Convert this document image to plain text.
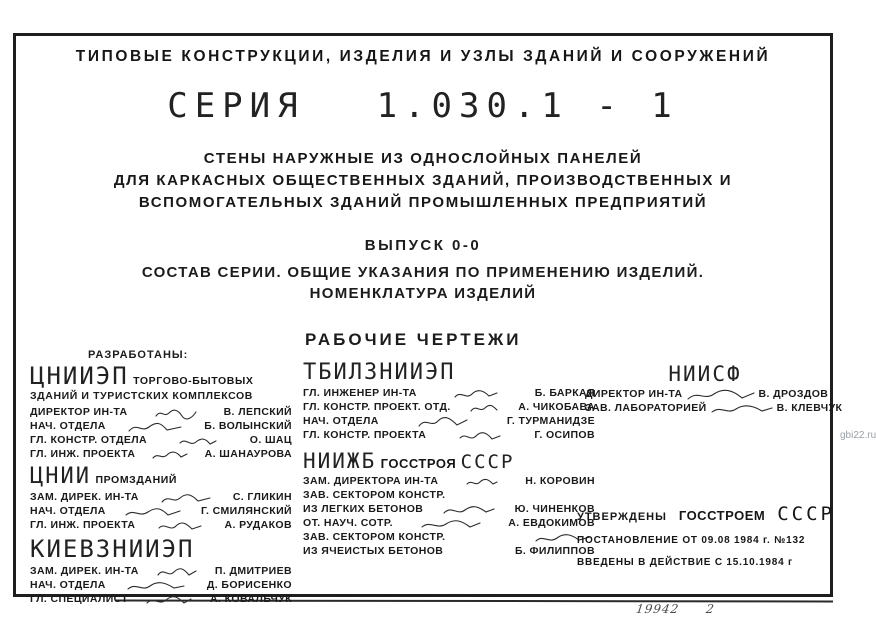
ТИПОВЫЕ КОНСТРУКЦИИ, ИЗДЕЛИЯ И УЗЛЫ ЗДАНИЙ И СООРУЖЕНИЙ
СЕРИЯ 1.030.1 - 1
СТЕНЫ НАРУЖНЫЕ ИЗ ОДНОСЛОЙНЫХ ПАНЕЛЕЙ
ДЛЯ КАРКАСНЫХ ОБЩЕСТВЕННЫХ ЗДАНИЙ, ПРОИЗВОДСТВЕННЫХ И
ВСПОМОГАТЕЛЬНЫХ ЗДАНИЙ ПРОМЫШЛЕННЫХ ПРЕДПРИЯТИЙ
ВЫПУСК 0-0
СОСТАВ СЕРИИ. ОБЩИЕ УКАЗАНИЯ ПО ПРИМЕНЕНИЮ ИЗДЕЛИЙ.
НОМЕНКЛАТУРА ИЗДЕЛИЙ
РАБОЧИЕ ЧЕРТЕЖИ
РАЗРАБОТАНЫ:
ЦНИИЭП ТОРГОВО-БЫТОВЫХ
ЗДАНИЙ И ТУРИСТСКИХ КОМПЛЕКСОВ
ДИРЕКТОР ИН-ТА	В. ЛЕПСКИЙ
НАЧ. ОТДЕЛА	Б. ВОЛЫНСКИЙ
ГЛ. КОНСТР. ОТДЕЛА	О. ШАЦ
ГЛ. ИНЖ. ПРОЕКТА	А. ШАНАУРОВА
ЦНИИ ПРОМЗДАНИЙ
ЗАМ. ДИРЕК. ИН-ТА	С. ГЛИКИН
НАЧ. ОТДЕЛА	Г. СМИЛЯНСКИЙ
ГЛ. ИНЖ. ПРОЕКТА	А. РУДАКОВ
КИЕВЗНИИЭП
ЗАМ. ДИРЕК. ИН-ТА	П. ДМИТРИЕВ
НАЧ. ОТДЕЛА	Д. БОРИСЕНКО
ГЛ. СПЕЦИАЛИСТ	А. КОВАЛЬЧУК
ТБИЛЗНИИЭП
ГЛ. ИНЖЕНЕР ИН-ТА	Б. БАРКАЯ
ГЛ. КОНСТР. ПРОЕКТ. ОТД.	А. ЧИКОБАВА
НАЧ. ОТДЕЛА	Г. ТУРМАНИДЗЕ
ГЛ. КОНСТР. ПРОЕКТА	Г. ОСИПОВ
НИИЖБ ГОССТРОЯ СССР
ЗАМ. ДИРЕКТОРА ИН-ТА	Н. КОРОВИН
ЗАВ. СЕКТОРОМ КОНСТР.
ИЗ ЛЕГКИХ БЕТОНОВ	Ю. ЧИНЕНКОВ
ОТ. НАУЧ. СОТР.	А. ЕВДОКИМОВ
ЗАВ. СЕКТОРОМ КОНСТР.
ИЗ ЯЧЕИСТЫХ БЕТОНОВ	Б. ФИЛИППОВ
НИИСФ
ДИРЕКТОР ИН-ТА	В. ДРОЗДОВ
ЗАВ. ЛАБОРАТОРИЕЙ	В. КЛЕВЧУК
УТВЕРЖДЕНЫ ГОССТРОЕМ СССР
ПОСТАНОВЛЕНИЕ ОТ 09.08 1984 г. №132
ВВЕДЕНЫ В ДЕЙСТВИЕ С 15.10.1984 г
19942 2
gbi22.ru
